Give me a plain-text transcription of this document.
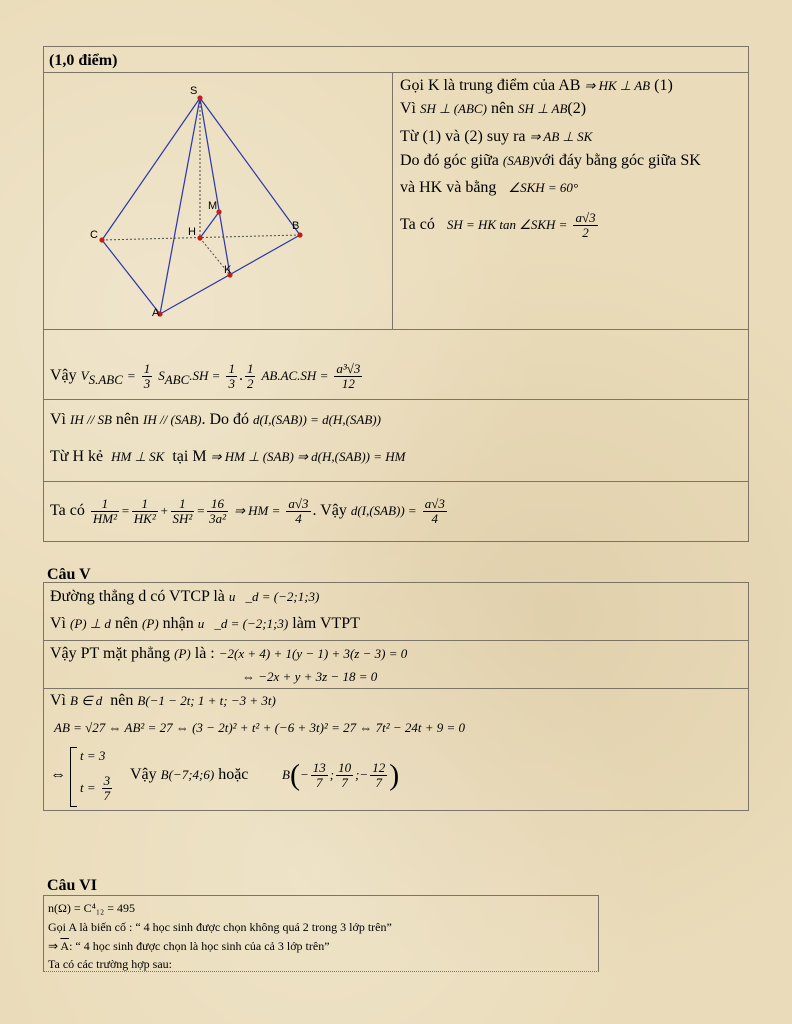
(1,0 điểm)
S
C	H
M
B
K
A
Gọi K là trung điểm của AB ⇒ HK ⊥ AB (1)
Vì SH ⊥ (ABC) nên SH ⊥ AB(2)
Từ (1) và (2) suy ra ⇒ AB ⊥ SK
Do đó góc giữa (SAB)với đáy bằng góc giữa SK
và HK và bằng ∠SKH = 60°
Ta có SH = HK tan ∠SKH = $\frac{a√3}{2}$
Vậy $V_{S.ABC} = \frac{1}{3} S_{ABC}.SH = \frac{1}{3}$ . $\frac{1}{2} AB.AC.SH = \frac{\text{a³√3}}{12}$
Vì IH // SB nên IH // (SAB). Do đó d(I,(SAB)) = d(H,(SAB))
Từ H kẻ HM ⊥ SK tại M ⇒ HM ⊥ (SAB) ⇒ d(H,(SAB)) = HM
Ta có $\frac{1}{\text{HM²}} = \frac{1}{\text{HK²}} + \frac{1}{\text{SH²}} = \frac{16}{\text{3a²}}$ ⇒ HM = $\frac{a√3}{4}$ . Vậy $d(I,(SAB)) = \frac{a√3}{4}$
Câu V
Đường thẳng d có VTCP là u⃗_d = (−2;1;3)
Vì (P) ⊥ d nên (P) nhận u⃗_d = (−2;1;3) làm VTPT
Vậy PT mặt phẳng (P) là : −2(x + 4) + 1(y − 1) + 3(z − 3) = 0
⇔ −2x + y + 3z − 18 = 0
Vì B ∈ d nên B(−1 − 2t; 1 + t; −3 + 3t)
AB = √27 ⇔ AB² = 27 ⇔ (3 − 2t)² + t² + (−6 + 3t)² = 27 ⇔ 7t² − 24t + 9 = 0
⇔
t = 3
$t = \frac{3}{7}$ Vậy B(−7;4;6) hoặc	$B(- \frac{13}{7}$ ; $\frac{10}{7}$ ;− $\frac{12}{7}$ )
Câu VI
n(Ω) = C⁴₁₂ = 495
Gọi A là biến cố : “ 4 học sinh được chọn không quá 2 trong 3 lớp trên”
⇒ $\overline{A}$: “ 4 học sinh được chọn là học sinh của cả 3 lớp trên”
Ta có các trường hợp sau:
